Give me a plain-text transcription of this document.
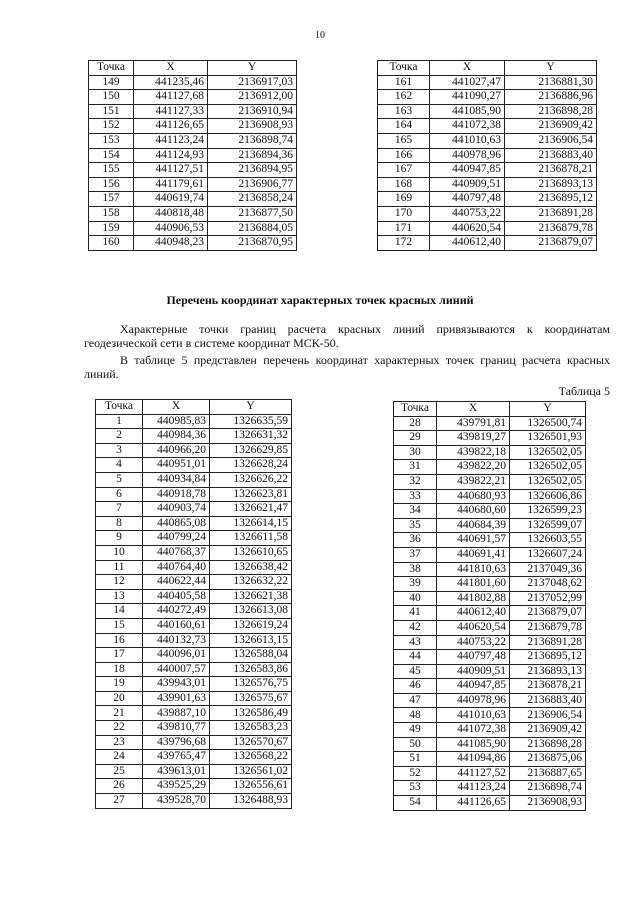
10
Точка	X	Y
149	441235,46	2136917,03
150	441127,68	2136912,00
151	441127,33	2136910,94
152	441126,65	2136908,93
153	441123,24	2136898,74
154	441124,93	2136894,36
155	441127,51	2136894,95
156	441179,61	2136906,77
157	440619,74	2136858,24
158	440818,48	2136877,50
159	440906,53	2136884,05
160	440948,23	2136870,95
Точка	X	Y
161	441027,47	2136881,30
162	441090,27	2136886,96
163	441085,90	2136898,28
164	441072,38	2136909,42
165	441010,63	2136906,54
166	440978,96	2136883,40
167	440947,85	2136878,21
168	440909,51	2136893,13
169	440797,48	2136895,12
170	440753,22	2136891,28
171	440620,54	2136879,78
172	440612,40	2136879,07
Перечень координат характерных точек красных линий

Характерные точки границ расчета красных линий привязываются к координатам геодезической сети в системе координат МСК-50.

В таблице 5 представлен перечень координат характерных точек границ расчета красных линий.

Таблица 5
Точка	X	Y
1	440985,83	1326635,59
2	440984,36	1326631,32
3	440966,20	1326629,85
4	440951,01	1326628,24
5	440934,84	1326626,22
6	440918,78	1326623,81
7	440903,74	1326621,47
8	440865,08	1326614,15
9	440799,24	1326611,58
10	440768,37	1326610,65
11	440764,40	1326638,42
12	440622,44	1326632,22
13	440405,58	1326621,38
14	440272,49	1326613,08
15	440160,61	1326619,24
16	440132,73	1326613,15
17	440096,01	1326588,04
18	440007,57	1326583,86
19	439943,01	1326576,75
20	439901,63	1326575,67
21	439887,10	1326586,49
22	439810,77	1326583,23
23	439796,68	1326570,67
24	439765,47	1326568,22
25	439613,01	1326561,02
26	439525,29	1326556,61
27	439528,70	1326488,93
Точка	X	Y
28	439791,81	1326500,74
29	439819,27	1326501,93
30	439822,18	1326502,05
31	439822,20	1326502,05
32	439822,21	1326502,05
33	440680,93	1326606,86
34	440680,60	1326599,23
35	440684,39	1326599,07
36	440691,57	1326603,55
37	440691,41	1326607,24
38	441810,63	2137049,36
39	441801,60	2137048,62
40	441802,88	2137052,99
41	440612,40	2136879,07
42	440620,54	2136879,78
43	440753,22	2136891,28
44	440797,48	2136895,12
45	440909,51	2136893,13
46	440947,85	2136878,21
47	440978,96	2136883,40
48	441010,63	2136906,54
49	441072,38	2136909,42
50	441085,90	2136898,28
51	441094,86	2136875,06
52	441127,52	2136887,65
53	441123,24	2136898,74
54	441126,65	2136908,93
